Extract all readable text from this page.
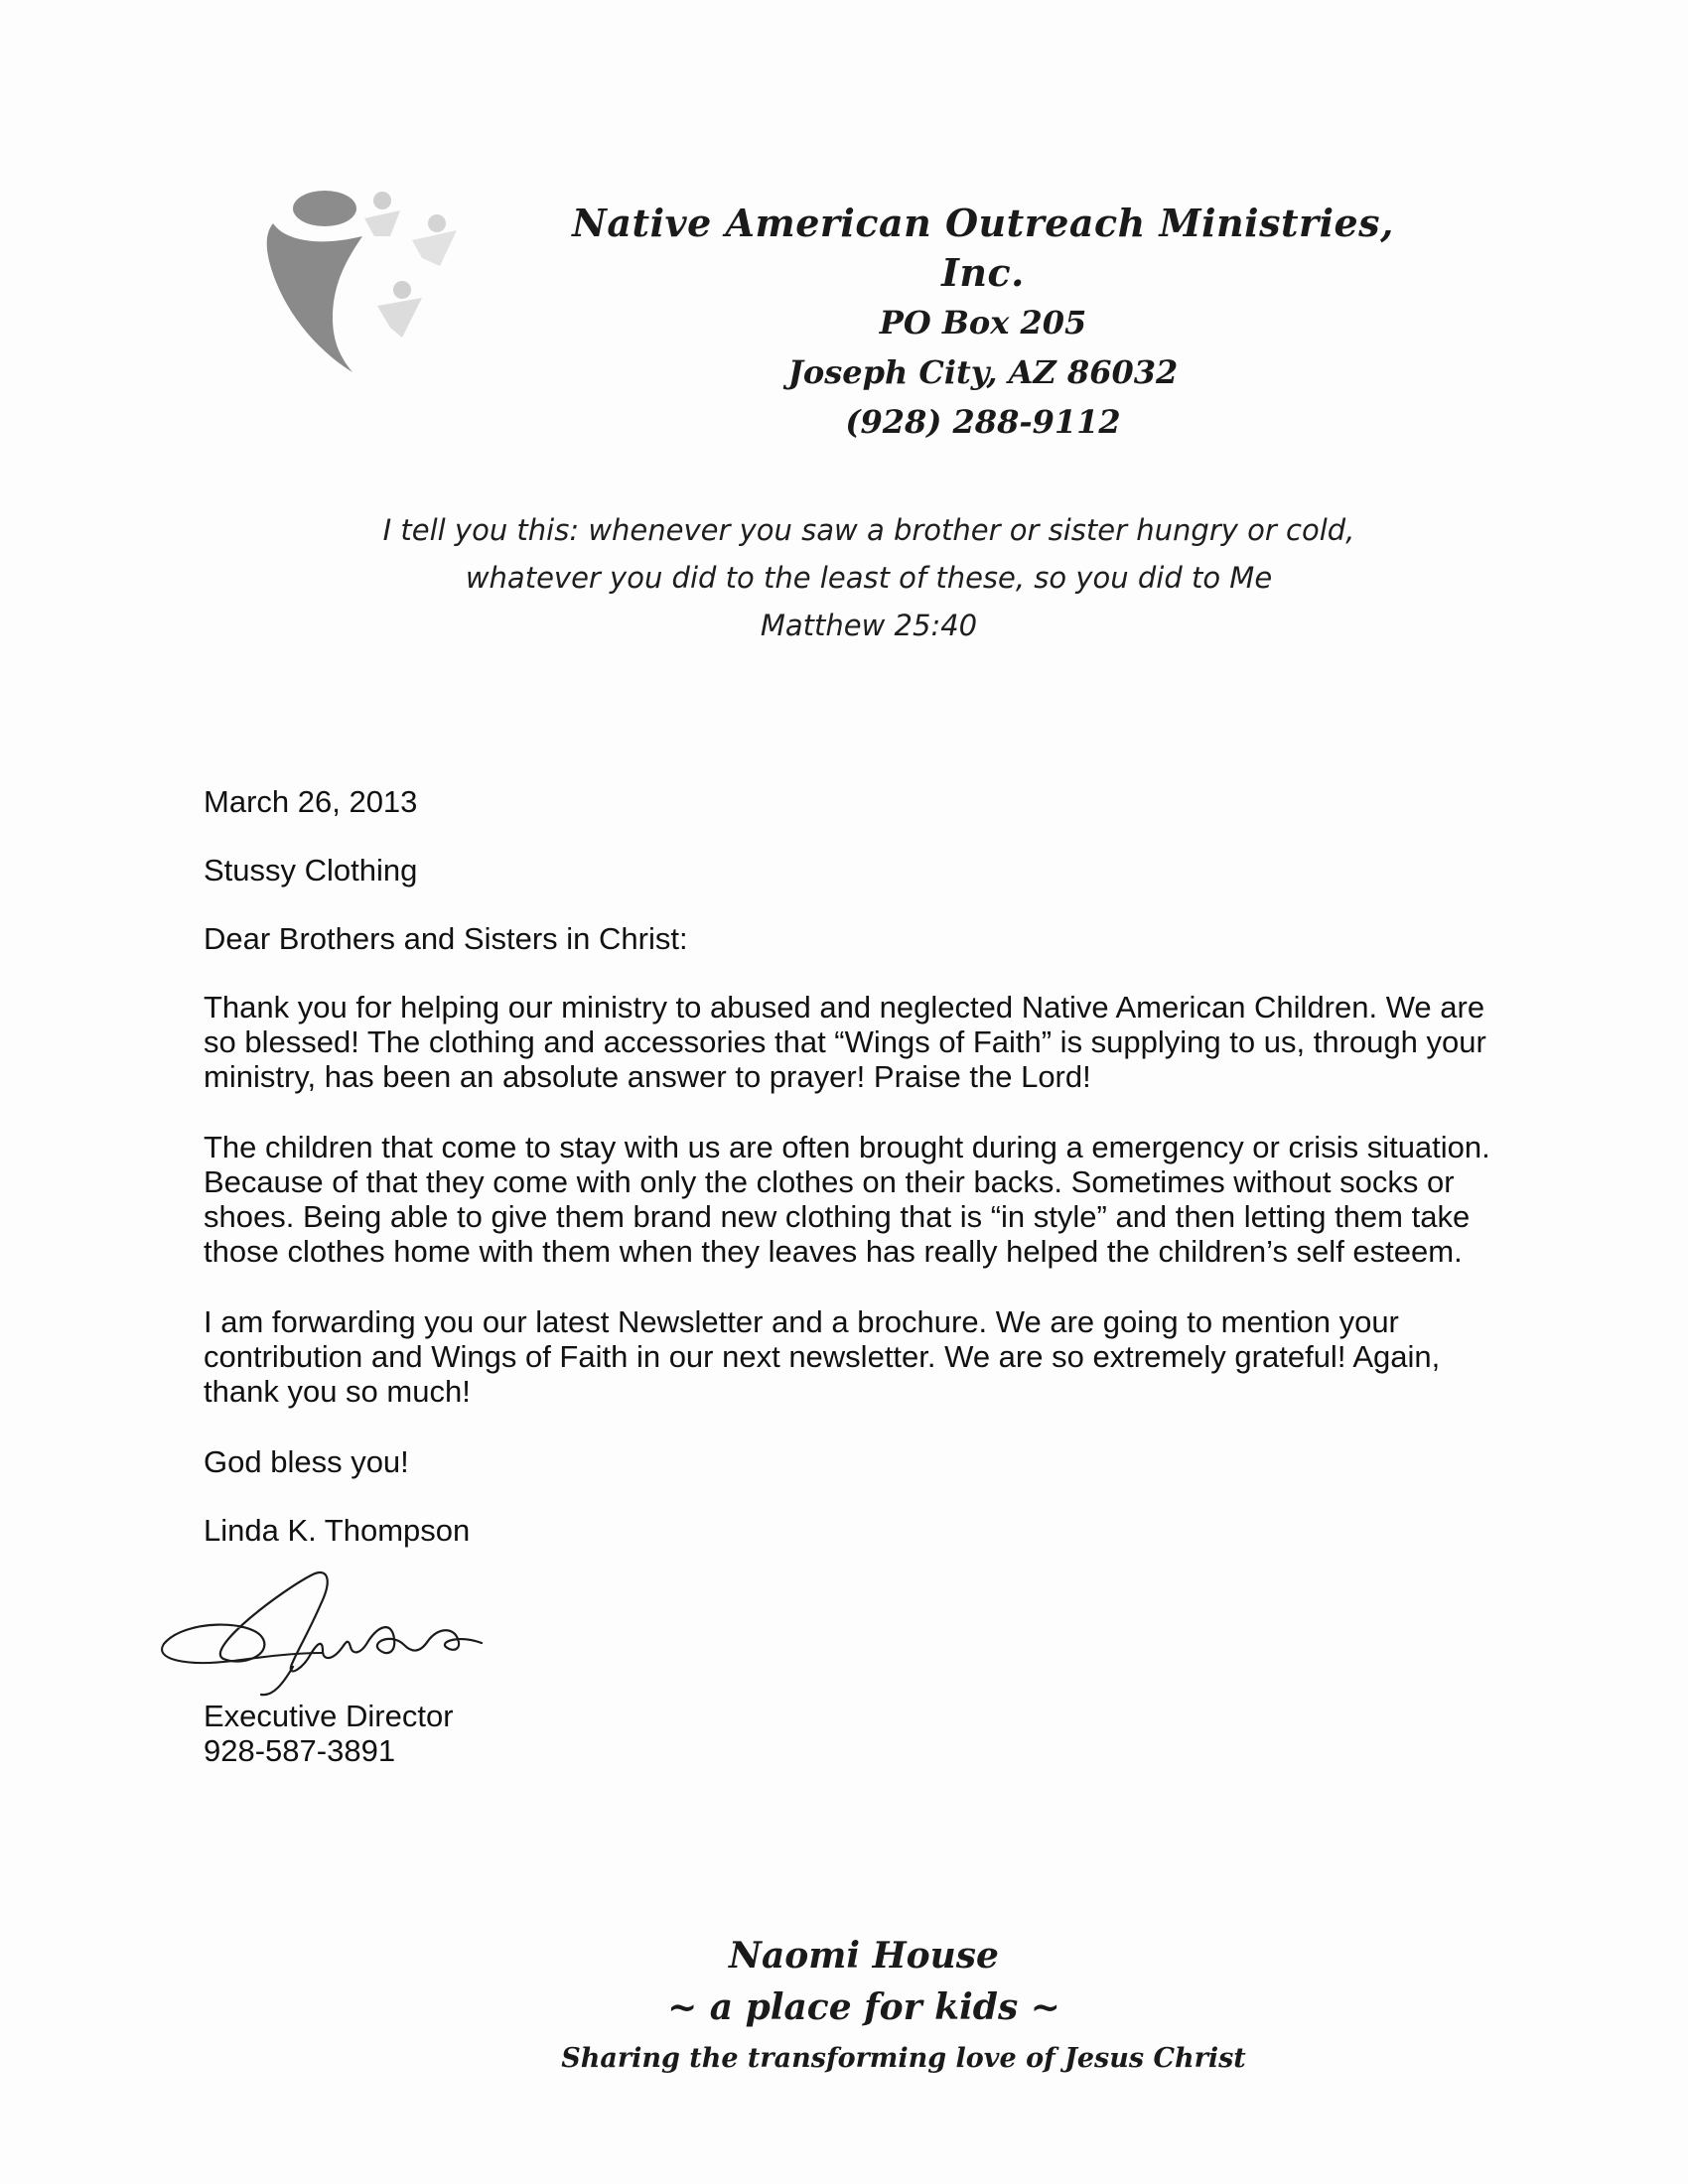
Native American Outreach Ministries, Inc.
PO Box 205
Joseph City, AZ 86032
(928) 288-9112
I tell you this: whenever you saw a brother or sister hungry or cold,
whatever you did to the least of these, so you did to Me
Matthew 25:40

March 26, 2013

Stussy Clothing

Dear Brothers and Sisters in Christ:

Thank you for helping our ministry to abused and neglected Native American Children. We are so blessed! The clothing and accessories that “Wings of Faith” is supplying to us, through your ministry, has been an absolute answer to prayer! Praise the Lord!

The children that come to stay with us are often brought during a emergency or crisis situation. Because of that they come with only the clothes on their backs. Sometimes without socks or shoes. Being able to give them brand new clothing that is “in style” and then letting them take those clothes home with them when they leaves has really helped the children’s self esteem.

I am forwarding you our latest Newsletter and a brochure. We are going to mention your contribution and Wings of Faith in our next newsletter. We are so extremely grateful! Again, thank you so much!

God bless you!

Linda K. Thompson

Executive Director

928-587-3891

Naomi House
~ a place for kids ~
Sharing the transforming love of Jesus Christ
